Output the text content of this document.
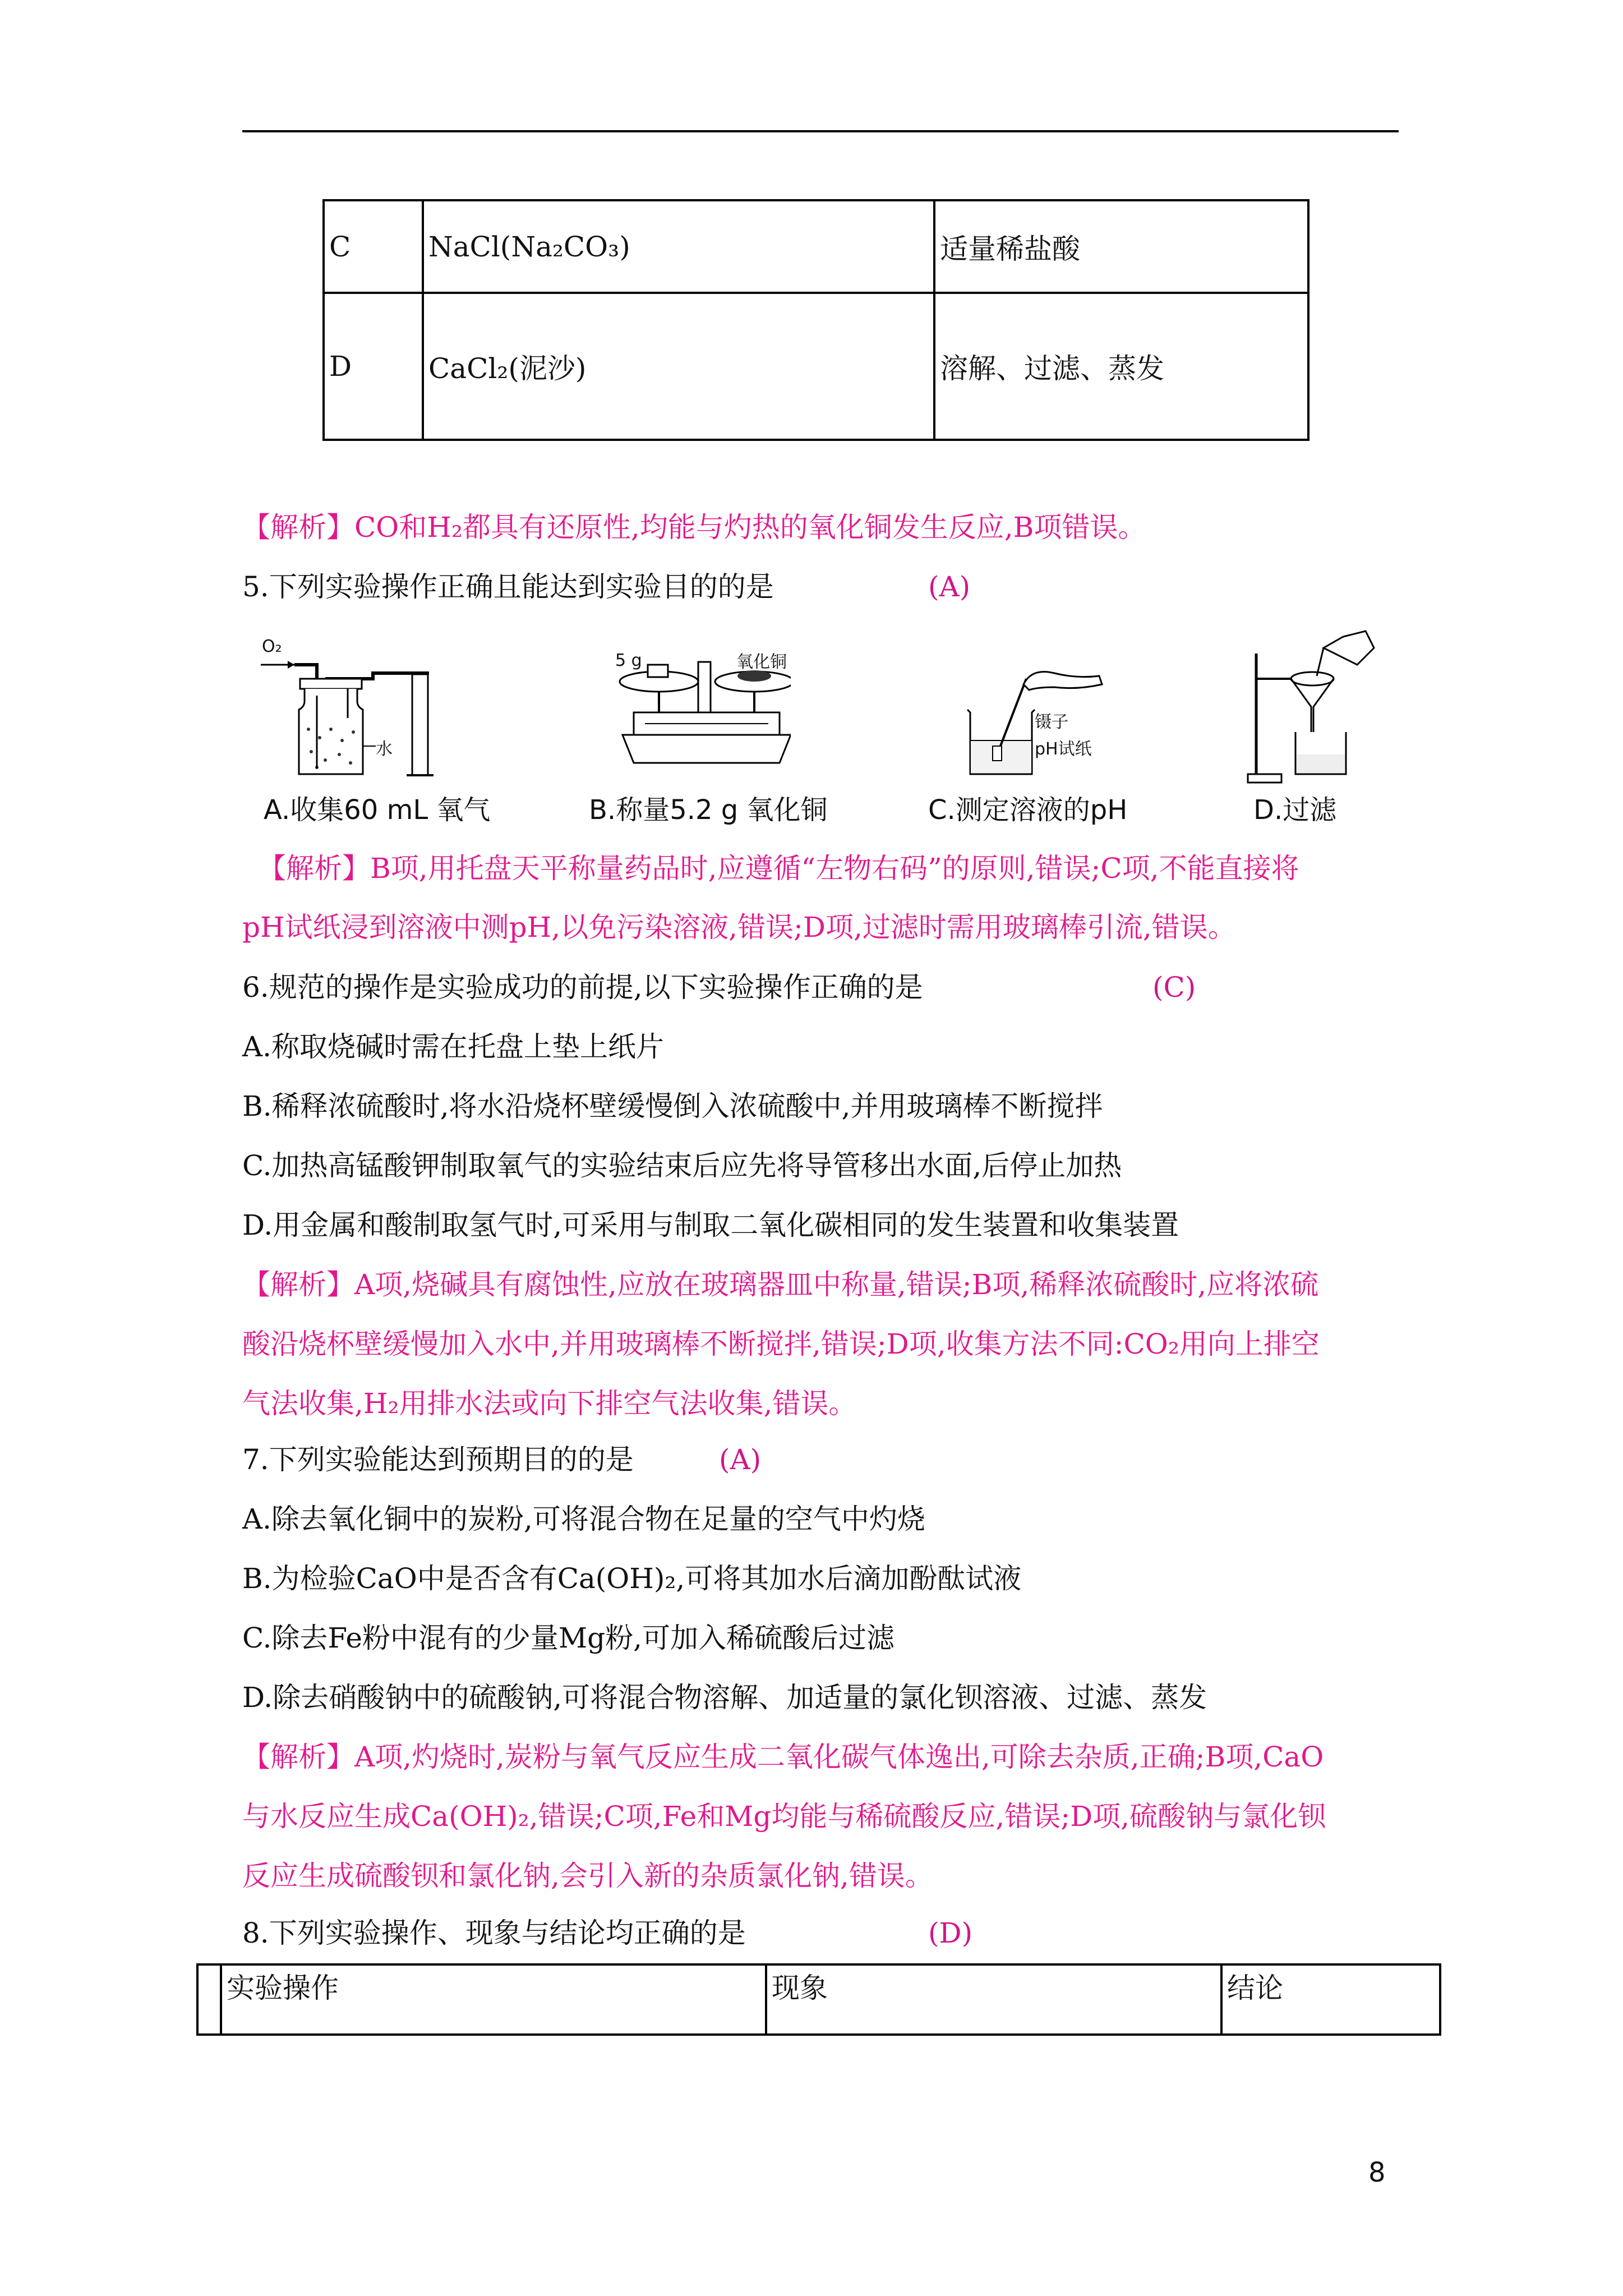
C	NaCl(Na₂CO₃)	适量稀盐酸
D	CaCl₂(泥沙)	溶解、过滤、蒸发
【解析】CO和H₂都具有还原性,均能与灼热的氧化铜发生反应,B项错误。
5.下列实验操作正确且能达到实验目的的是	(A)
O₂
水
5 g	氧化铜
镊子
pH试纸
A.收集60 mL 氧气	B.称量5.2 g 氧化铜	C.测定溶液的pH	D.过滤
【解析】B项,用托盘天平称量药品时,应遵循“左物右码”的原则,错误;C项,不能直接将
pH试纸浸到溶液中测pH,以免污染溶液,错误;D项,过滤时需用玻璃棒引流,错误。
6.规范的操作是实验成功的前提,以下实验操作正确的是	(C)
A.称取烧碱时需在托盘上垫上纸片
B.稀释浓硫酸时,将水沿烧杯壁缓慢倒入浓硫酸中,并用玻璃棒不断搅拌
C.加热高锰酸钾制取氧气的实验结束后应先将导管移出水面,后停止加热
D.用金属和酸制取氢气时,可采用与制取二氧化碳相同的发生装置和收集装置
【解析】A项,烧碱具有腐蚀性,应放在玻璃器皿中称量,错误;B项,稀释浓硫酸时,应将浓硫
酸沿烧杯壁缓慢加入水中,并用玻璃棒不断搅拌,错误;D项,收集方法不同:CO₂用向上排空
气法收集,H₂用排水法或向下排空气法收集,错误。
7.下列实验能达到预期目的的是	(A)
A.除去氧化铜中的炭粉,可将混合物在足量的空气中灼烧
B.为检验CaO中是否含有Ca(OH)₂,可将其加水后滴加酚酞试液
C.除去Fe粉中混有的少量Mg粉,可加入稀硫酸后过滤
D.除去硝酸钠中的硫酸钠,可将混合物溶解、加适量的氯化钡溶液、过滤、蒸发
【解析】A项,灼烧时,炭粉与氧气反应生成二氧化碳气体逸出,可除去杂质,正确;B项,CaO
与水反应生成Ca(OH)₂,错误;C项,Fe和Mg均能与稀硫酸反应,错误;D项,硫酸钠与氯化钡
反应生成硫酸钡和氯化钠,会引入新的杂质氯化钠,错误。
8.下列实验操作、现象与结论均正确的是	(D)
	实验操作	现象	结论
8
